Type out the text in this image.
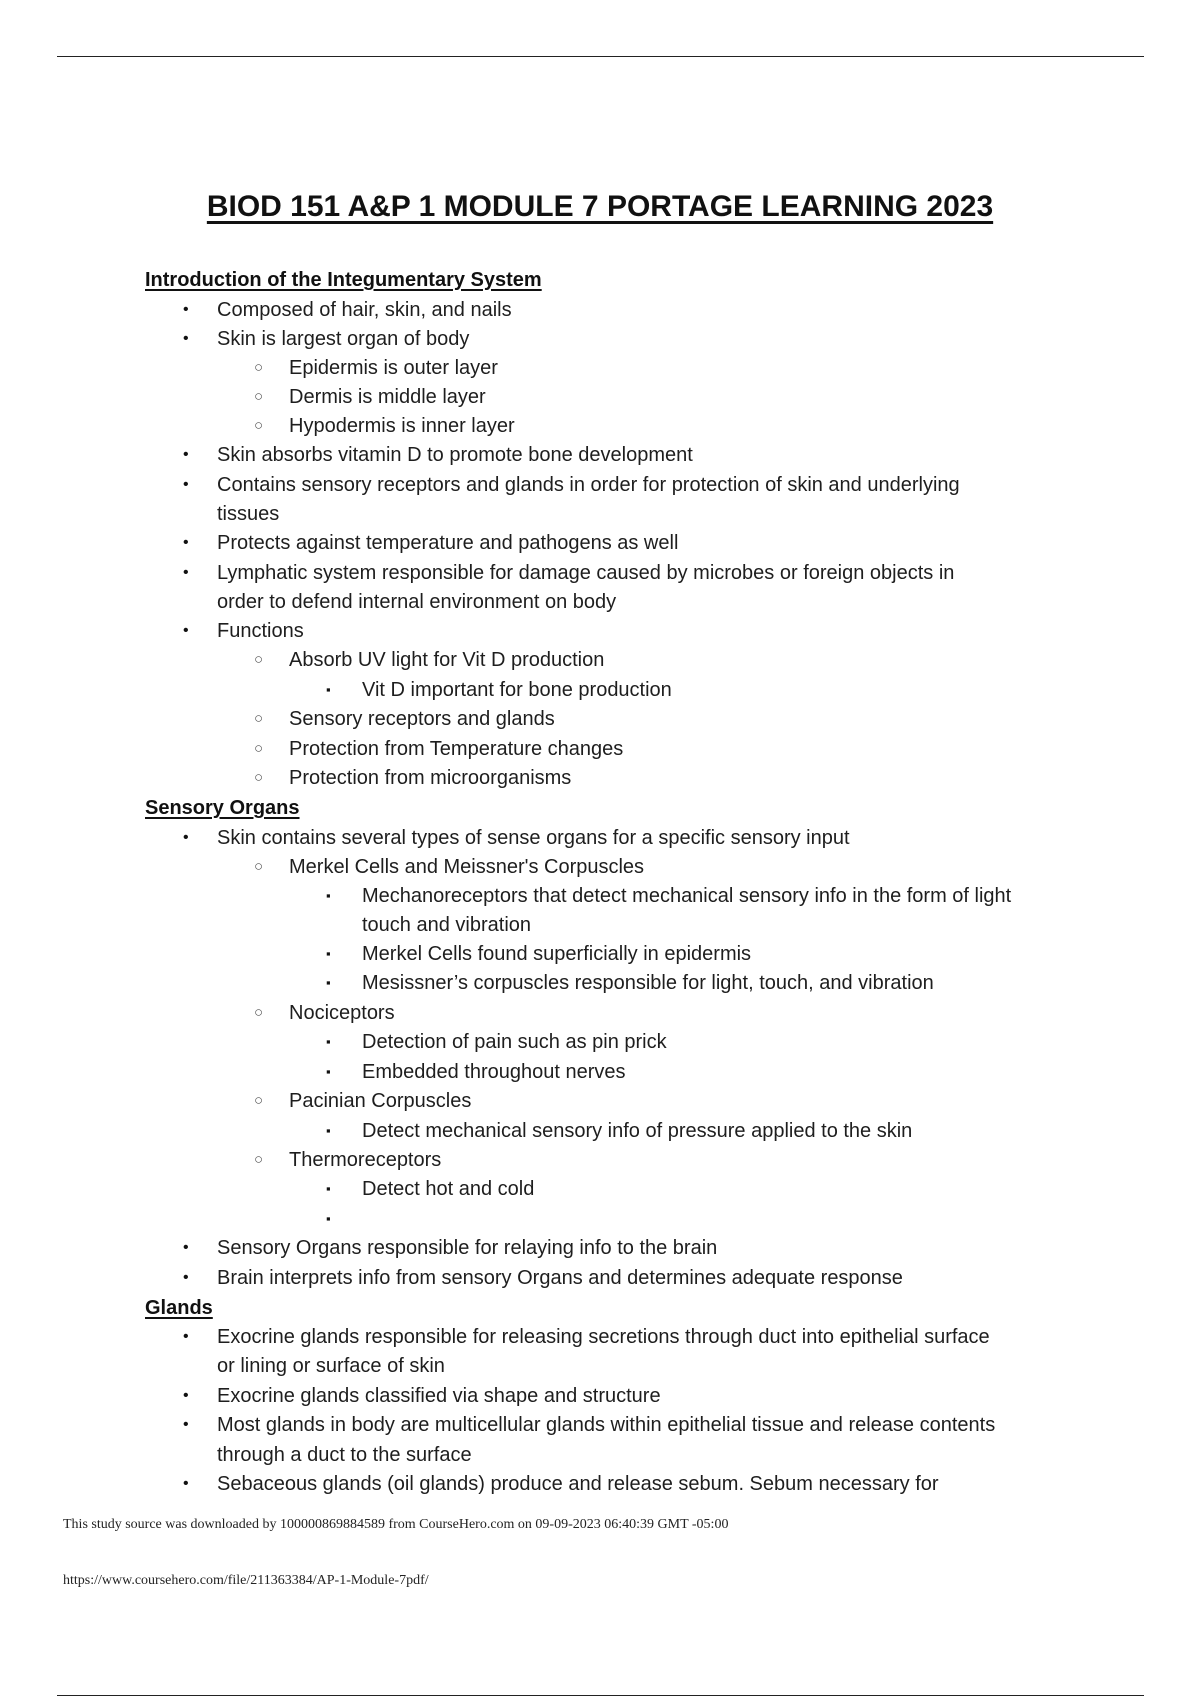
BIOD 151 A&P 1 MODULE 7 PORTAGE LEARNING 2023
Introduction of the Integumentary System
• Composed of hair, skin, and nails
• Skin is largest organ of body
○ Epidermis is outer layer
○ Dermis is middle layer
○ Hypodermis is inner layer
• Skin absorbs vitamin D to promote bone development
• Contains sensory receptors and glands in order for protection of skin and underlying
tissues
• Protects against temperature and pathogens as well
• Lymphatic system responsible for damage caused by microbes or foreign objects in
order to defend internal environment on body
• Functions
○ Absorb UV light for Vit D production
▪ Vit D important for bone production
○ Sensory receptors and glands
○ Protection from Temperature changes
○ Protection from microorganisms
Sensory Organs
• Skin contains several types of sense organs for a specific sensory input
○ Merkel Cells and Meissner's Corpuscles
▪ Mechanoreceptors that detect mechanical sensory info in the form of light
touch and vibration
▪ Merkel Cells found superficially in epidermis
▪ Mesissner’s corpuscles responsible for light, touch, and vibration
○ Nociceptors
▪ Detection of pain such as pin prick
▪ Embedded throughout nerves
○ Pacinian Corpuscles
▪ Detect mechanical sensory info of pressure applied to the skin
○ Thermoreceptors
▪ Detect hot and cold
▪
• Sensory Organs responsible for relaying info to the brain
• Brain interprets info from sensory Organs and determines adequate response
Glands
• Exocrine glands responsible for releasing secretions through duct into epithelial surface
or lining or surface of skin
• Exocrine glands classified via shape and structure
• Most glands in body are multicellular glands within epithelial tissue and release contents
through a duct to the surface
• Sebaceous glands (oil glands) produce and release sebum. Sebum necessary for
This study source was downloaded by 100000869884589 from CourseHero.com on 09-09-2023 06:40:39 GMT -05:00
https://www.coursehero.com/file/211363384/AP-1-Module-7pdf/
